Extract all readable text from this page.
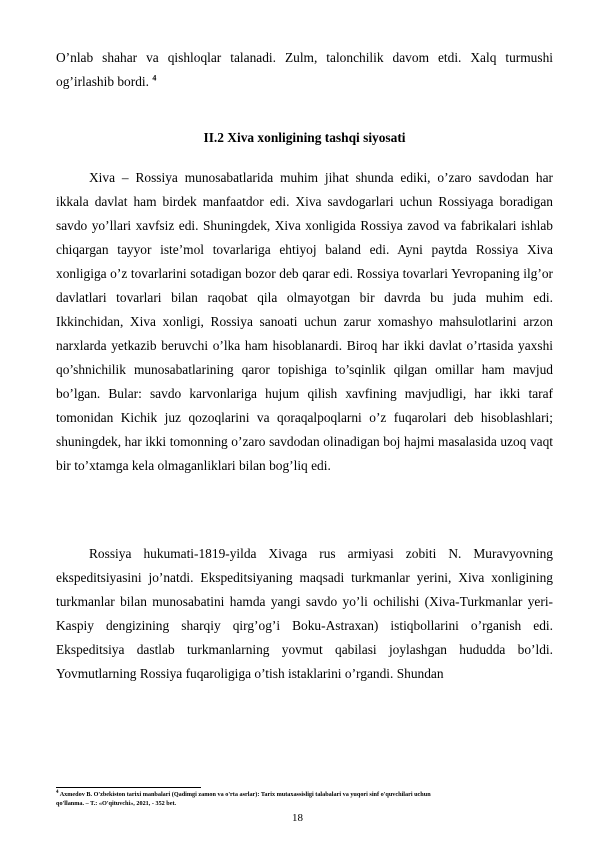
O’nlab shahar va qishloqlar talanadi. Zulm, talonchilik davom etdi. Xalq turmushi og’irlashib bordi. $^4$

II.2 Xiva xonligining tashqi siyosati

Xiva – Rossiya munosabatlarida muhim jihat shunda ediki, o’zaro savdodan har ikkala davlat ham birdek manfaatdor edi. Xiva savdogarlari uchun Rossiyaga boradigan savdo yo’llari xavfsiz edi. Shuningdek, Xiva xonligida Rossiya zavod va fabrikalari ishlab chiqargan tayyor iste’mol tovarlariga ehtiyoj baland edi. Ayni paytda Rossiya Xiva xonligiga o’z tovarlarini sotadigan bozor deb qarar edi. Rossiya tovarlari Yevropaning ilg’or davlatlari tovarlari bilan raqobat qila olmayotgan bir davrda bu juda muhim edi. Ikkinchidan, Xiva xonligi, Rossiya sanoati uchun zarur xomashyo mahsulotlarini arzon narxlarda yetkazib beruvchi o’lka ham hisoblanardi. Biroq har ikki davlat o’rtasida yaxshi qo’shnichilik munosabatlarining qaror topishiga to’sqinlik qilgan omillar ham mavjud bo’lgan. Bular: savdo karvonlariga hujum qilish xavfining mavjudligi, har ikki taraf tomonidan Kichik juz qozoqlarini va qoraqalpoqlarni o’z fuqarolari deb hisoblashlari; shuningdek, har ikki tomonning o’zaro savdodan olinadigan boj hajmi masalasida uzoq vaqt bir to’xtamga kela olmaganliklari bilan bog’liq edi.

Rossiya hukumati-1819-yilda Xivaga rus armiyasi zobiti N. Muravyovning ekspeditsiyasini jo’natdi. Ekspeditsiyaning maqsadi turkmanlar yerini, Xiva xonligining turkmanlar bilan munosabatini hamda yangi savdo yo’li ochilishi (Xiva-Turkmanlar yeri-Kaspiy dengizining sharqiy qirg’og’i Boku-Astraxan) istiqbollarini o’rganish edi. Ekspeditsiya dastlab turkmanlarning yovmut qabilasi joylashgan hududda bo’ldi. Yovmutlarning Rossiya fuqaroligiga o’tish istaklarini o’rgandi. Shundan

$^4$ Axmedov B. O'zbekiston tarixi manbalari (Qadimgi zamon va o'rta asrlar): Tarix mutaxassisligi talabalari va yuqori sinf o'quvchilari uchun
qo'llanma. – T.: «O'qituvchi», 2021, - 352 bet.

18
